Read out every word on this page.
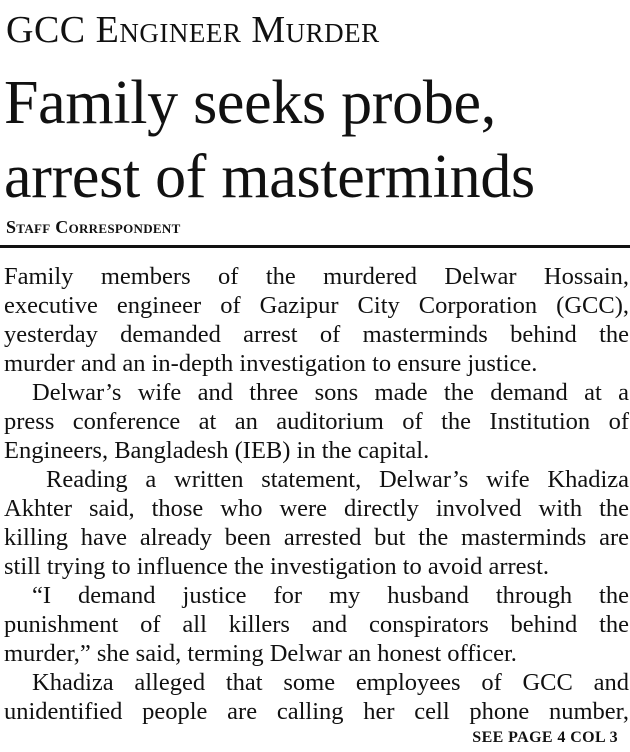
GCC Engineer Murder
Family seeks probe,
arrest of masterminds
Staff Correspondent

Family members of the murdered Delwar Hossain,
executive engineer of Gazipur City Corporation (GCC),
yesterday demanded arrest of masterminds behind the
murder and an in-depth investigation to ensure justice.

Delwar’s wife and three sons made the demand at a
press conference at an auditorium of the Institution of
Engineers, Bangladesh (IEB) in the capital.

Reading a written statement, Delwar’s wife Khadiza
Akhter said, those who were directly involved with the
killing have already been arrested but the masterminds are
still trying to influence the investigation to avoid arrest.

“I demand justice for my husband through the
punishment of all killers and conspirators behind the
murder,” she said, terming Delwar an honest officer.

Khadiza alleged that some employees of GCC and
unidentified people are calling her cell phone number,

SEE PAGE 4 COL 3
